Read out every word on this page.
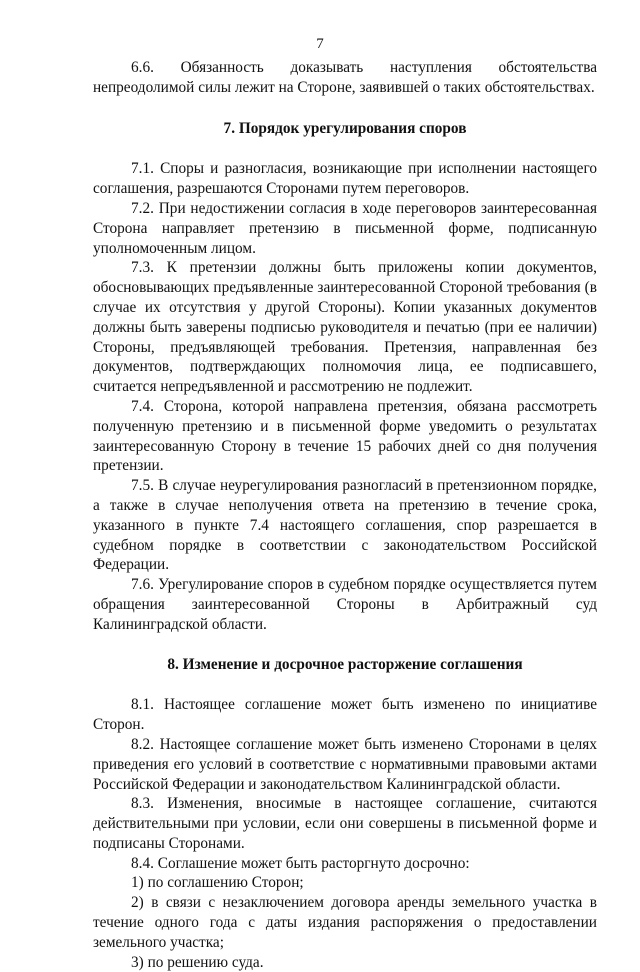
7

6.6. Обязанность доказывать наступления обстоятельства непреодолимой силы лежит на Стороне, заявившей о таких обстоятельствах.

7. Порядок урегулирования споров

7.1. Споры и разногласия, возникающие при исполнении настоящего соглашения, разрешаются Сторонами путем переговоров.

7.2. При недостижении согласия в ходе переговоров заинтересованная Сторона направляет претензию в письменной форме, подписанную уполномоченным лицом.

7.3. К претензии должны быть приложены копии документов, обосновывающих предъявленные заинтересованной Стороной требования (в случае их отсутствия у другой Стороны). Копии указанных документов должны быть заверены подписью руководителя и печатью (при ее наличии) Стороны, предъявляющей требования. Претензия, направленная без документов, подтверждающих полномочия лица, ее подписавшего, считается непредъявленной и рассмотрению не подлежит.

7.4. Сторона, которой направлена претензия, обязана рассмотреть полученную претензию и в письменной форме уведомить о результатах заинтересованную Сторону в течение 15 рабочих дней со дня получения претензии.

7.5. В случае неурегулирования разногласий в претензионном порядке, а также в случае неполучения ответа на претензию в течение срока, указанного в пункте 7.4 настоящего соглашения, спор разрешается в судебном порядке в соответствии с законодательством Российской Федерации.

7.6. Урегулирование споров в судебном порядке осуществляется путем обращения заинтересованной Стороны в Арбитражный суд Калининградской области.

8. Изменение и досрочное расторжение соглашения

8.1. Настоящее соглашение может быть изменено по инициативе Сторон.

8.2. Настоящее соглашение может быть изменено Сторонами в целях приведения его условий в соответствие с нормативными правовыми актами Российской Федерации и законодательством Калининградской области.

8.3. Изменения, вносимые в настоящее соглашение, считаются действительными при условии, если они совершены в письменной форме и подписаны Сторонами.

8.4. Соглашение может быть расторгнуто досрочно:

1) по соглашению Сторон;

2) в связи с незаключением договора аренды земельного участка в течение одного года с даты издания распоряжения о предоставлении земельного участка;

3) по решению суда.
